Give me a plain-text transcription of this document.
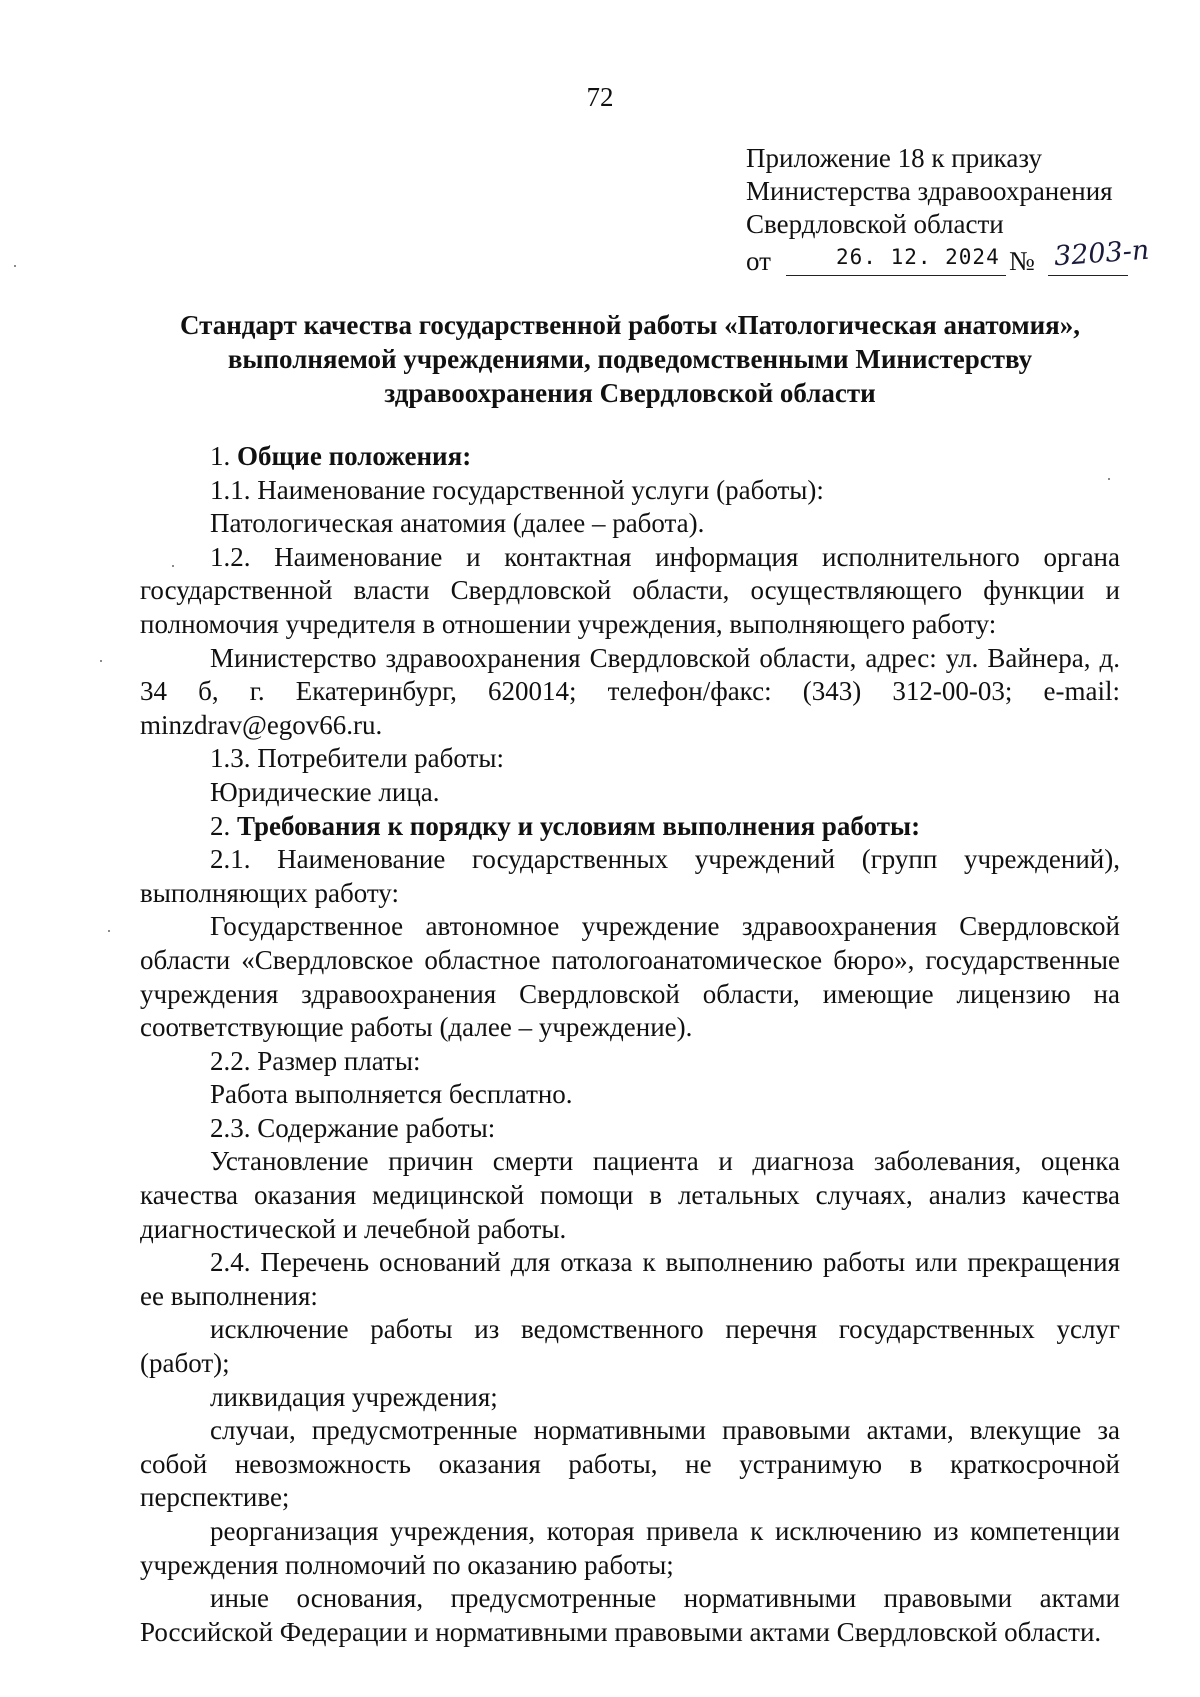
72
Приложение 18 к приказу
Министерства здравоохранения
Свердловской области
от	26. 12. 2024 № 3203-п
Стандарт качества государственной работы «Патологическая анатомия»,
выполняемой учреждениями, подведомственными Министерству
здравоохранения Свердловской области

1. Общие положения:

1.1. Наименование государственной услуги (работы):

Патологическая анатомия (далее – работа).

1.2. Наименование и контактная информация исполнительного органа государственной власти Свердловской области, осуществляющего функции и полномочия учредителя в отношении учреждения, выполняющего работу:

Министерство здравоохранения Свердловской области, адрес: ул. Вайнера, д. 34 б, г. Екатеринбург, 620014; телефон/факс: (343) 312-00-03; e-mail: minzdrav@egov66.ru.

1.3. Потребители работы:

Юридические лица.

2. Требования к порядку и условиям выполнения работы:

2.1. Наименование государственных учреждений (групп учреждений), выполняющих работу:

Государственное автономное учреждение здравоохранения Свердловской области «Свердловское областное патологоанатомическое бюро», государственные учреждения здравоохранения Свердловской области, имеющие лицензию на соответствующие работы (далее – учреждение).

2.2. Размер платы:

Работа выполняется бесплатно.

2.3. Содержание работы:

Установление причин смерти пациента и диагноза заболевания, оценка качества оказания медицинской помощи в летальных случаях, анализ качества диагностической и лечебной работы.

2.4. Перечень оснований для отказа к выполнению работы или прекращения ее выполнения:

исключение работы из ведомственного перечня государственных услуг (работ);

ликвидация учреждения;

случаи, предусмотренные нормативными правовыми актами, влекущие за собой невозможность оказания работы, не устранимую в краткосрочной перспективе;

реорганизация учреждения, которая привела к исключению из компетенции учреждения полномочий по оказанию работы;

иные основания, предусмотренные нормативными правовыми актами Российской Федерации и нормативными правовыми актами Свердловской области.
